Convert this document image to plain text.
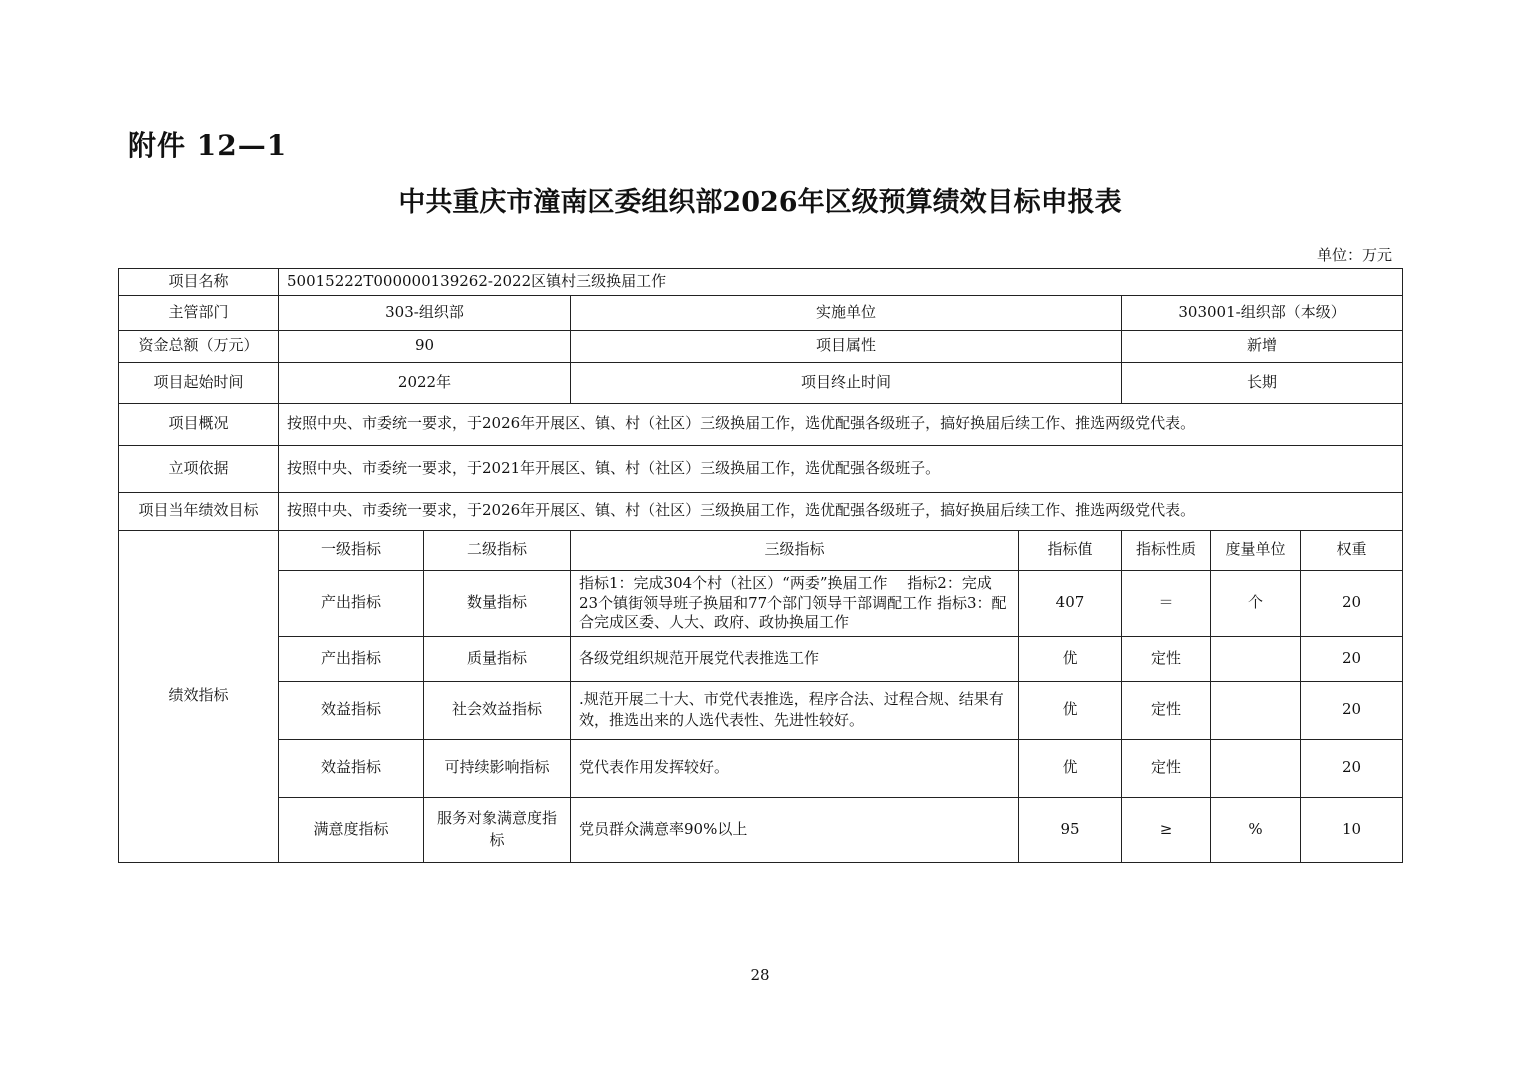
附件 12—1
中共重庆市潼南区委组织部2026年区级预算绩效目标申报表
单位：万元
项目名称	50015222T000000139262-2022区镇村三级换届工作						
主管部门	303-组织部		实施单位		303001-组织部（本级）		
资金总额（万元）	90		项目属性		新增		
项目起始时间	2022年		项目终止时间		长期		
项目概况	按照中央、市委统一要求，于2026年开展区、镇、村（社区）三级换届工作，选优配强各级班子，搞好换届后续工作、推选两级党代表。						
立项依据	按照中央、市委统一要求，于2021年开展区、镇、村（社区）三级换届工作，选优配强各级班子。						
项目当年绩效目标	按照中央、市委统一要求，于2026年开展区、镇、村（社区）三级换届工作，选优配强各级班子，搞好换届后续工作、推选两级党代表。						
绩效指标	一级指标	二级指标	三级指标	指标值	指标性质	度量单位	权重
	产出指标	数量指标	指标1：完成304个村（社区）“两委”换届工作　 指标2：完成23个镇街领导班子换届和77个部门领导干部调配工作 指标3：配合完成区委、人大、政府、政协换届工作	407	＝	个	20
	产出指标	质量指标	各级党组织规范开展党代表推选工作	优	定性		20
	效益指标	社会效益指标	.规范开展二十大、市党代表推选，程序合法、过程合规、结果有效，推选出来的人选代表性、先进性较好。	优	定性		20
	效益指标	可持续影响指标	党代表作用发挥较好。	优	定性		20
	满意度指标	服务对象满意度指标	党员群众满意率90%以上	95	≥	%	10
28
